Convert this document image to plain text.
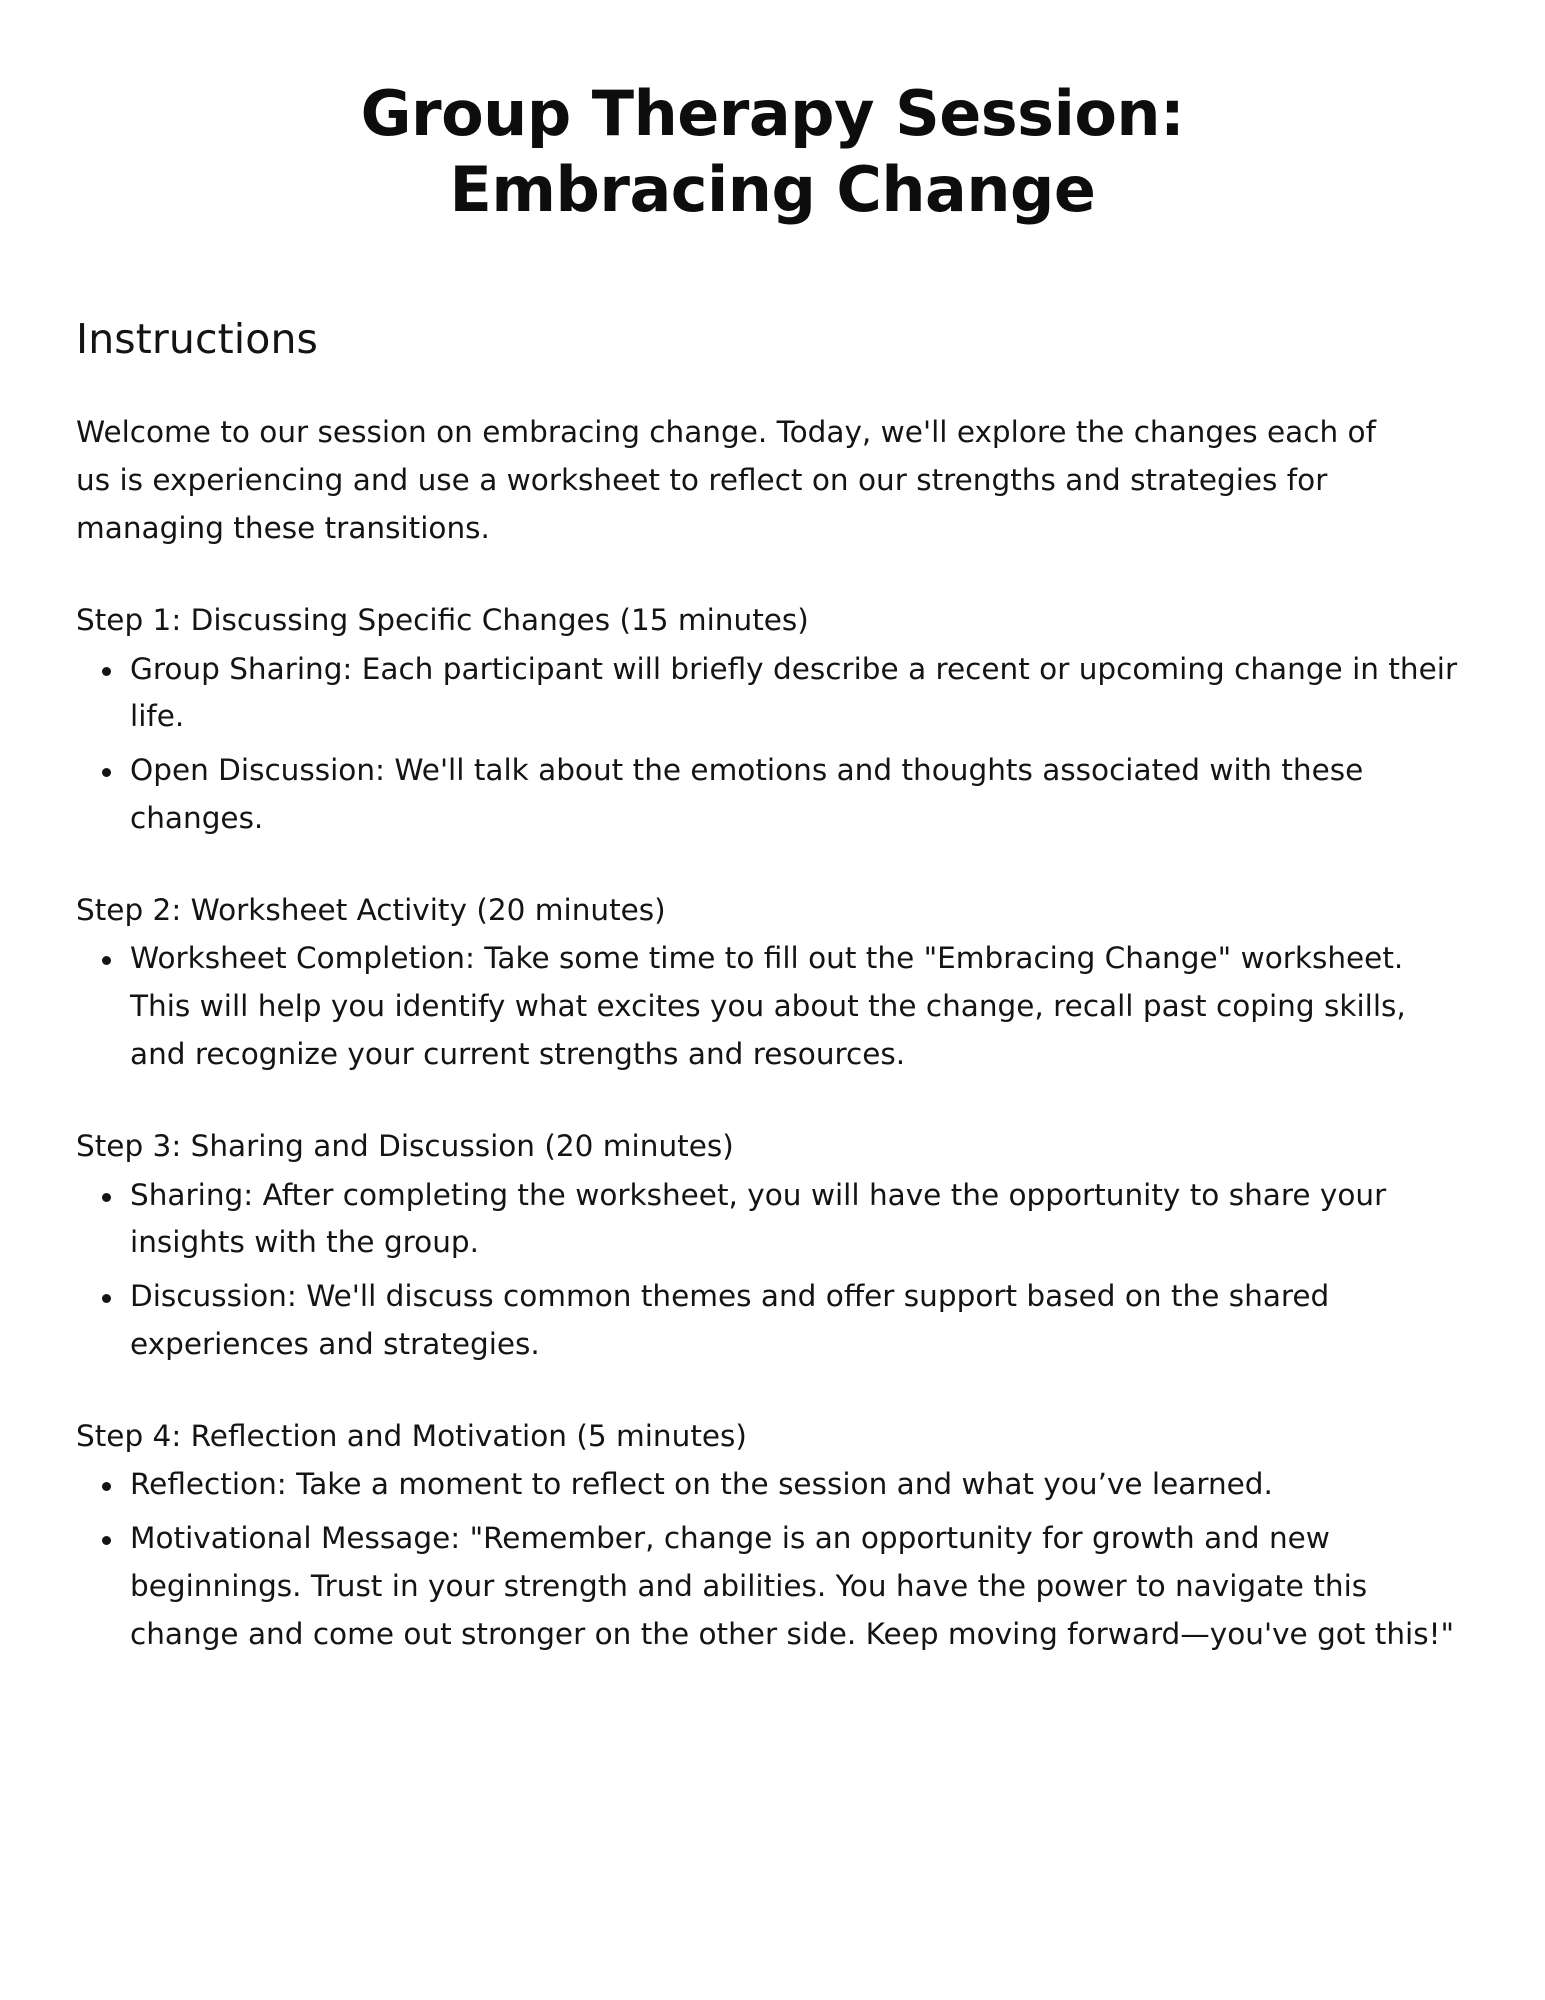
Group Therapy Session:
Embracing Change
Instructions

Welcome to our session on embracing change. Today, we'll explore the changes each of us is experiencing and use a worksheet to reflect on our strengths and strategies for managing these transitions.

Step 1: Discussing Specific Changes (15 minutes)

Group Sharing: Each participant will briefly describe a recent or upcoming change in their life.
Open Discussion: We'll talk about the emotions and thoughts associated with these changes.

Step 2: Worksheet Activity (20 minutes)

Worksheet Completion: Take some time to fill out the "Embracing Change" worksheet. This will help you identify what excites you about the change, recall past coping skills, and recognize your current strengths and resources.

Step 3: Sharing and Discussion (20 minutes)

Sharing: After completing the worksheet, you will have the opportunity to share your insights with the group.
Discussion: We'll discuss common themes and offer support based on the shared experiences and strategies.

Step 4: Reflection and Motivation (5 minutes)

Reflection: Take a moment to reflect on the session and what you’ve learned.
Motivational Message: "Remember, change is an opportunity for growth and new beginnings. Trust in your strength and abilities. You have the power to navigate this change and come out stronger on the other side. Keep moving forward—you've got this!"
